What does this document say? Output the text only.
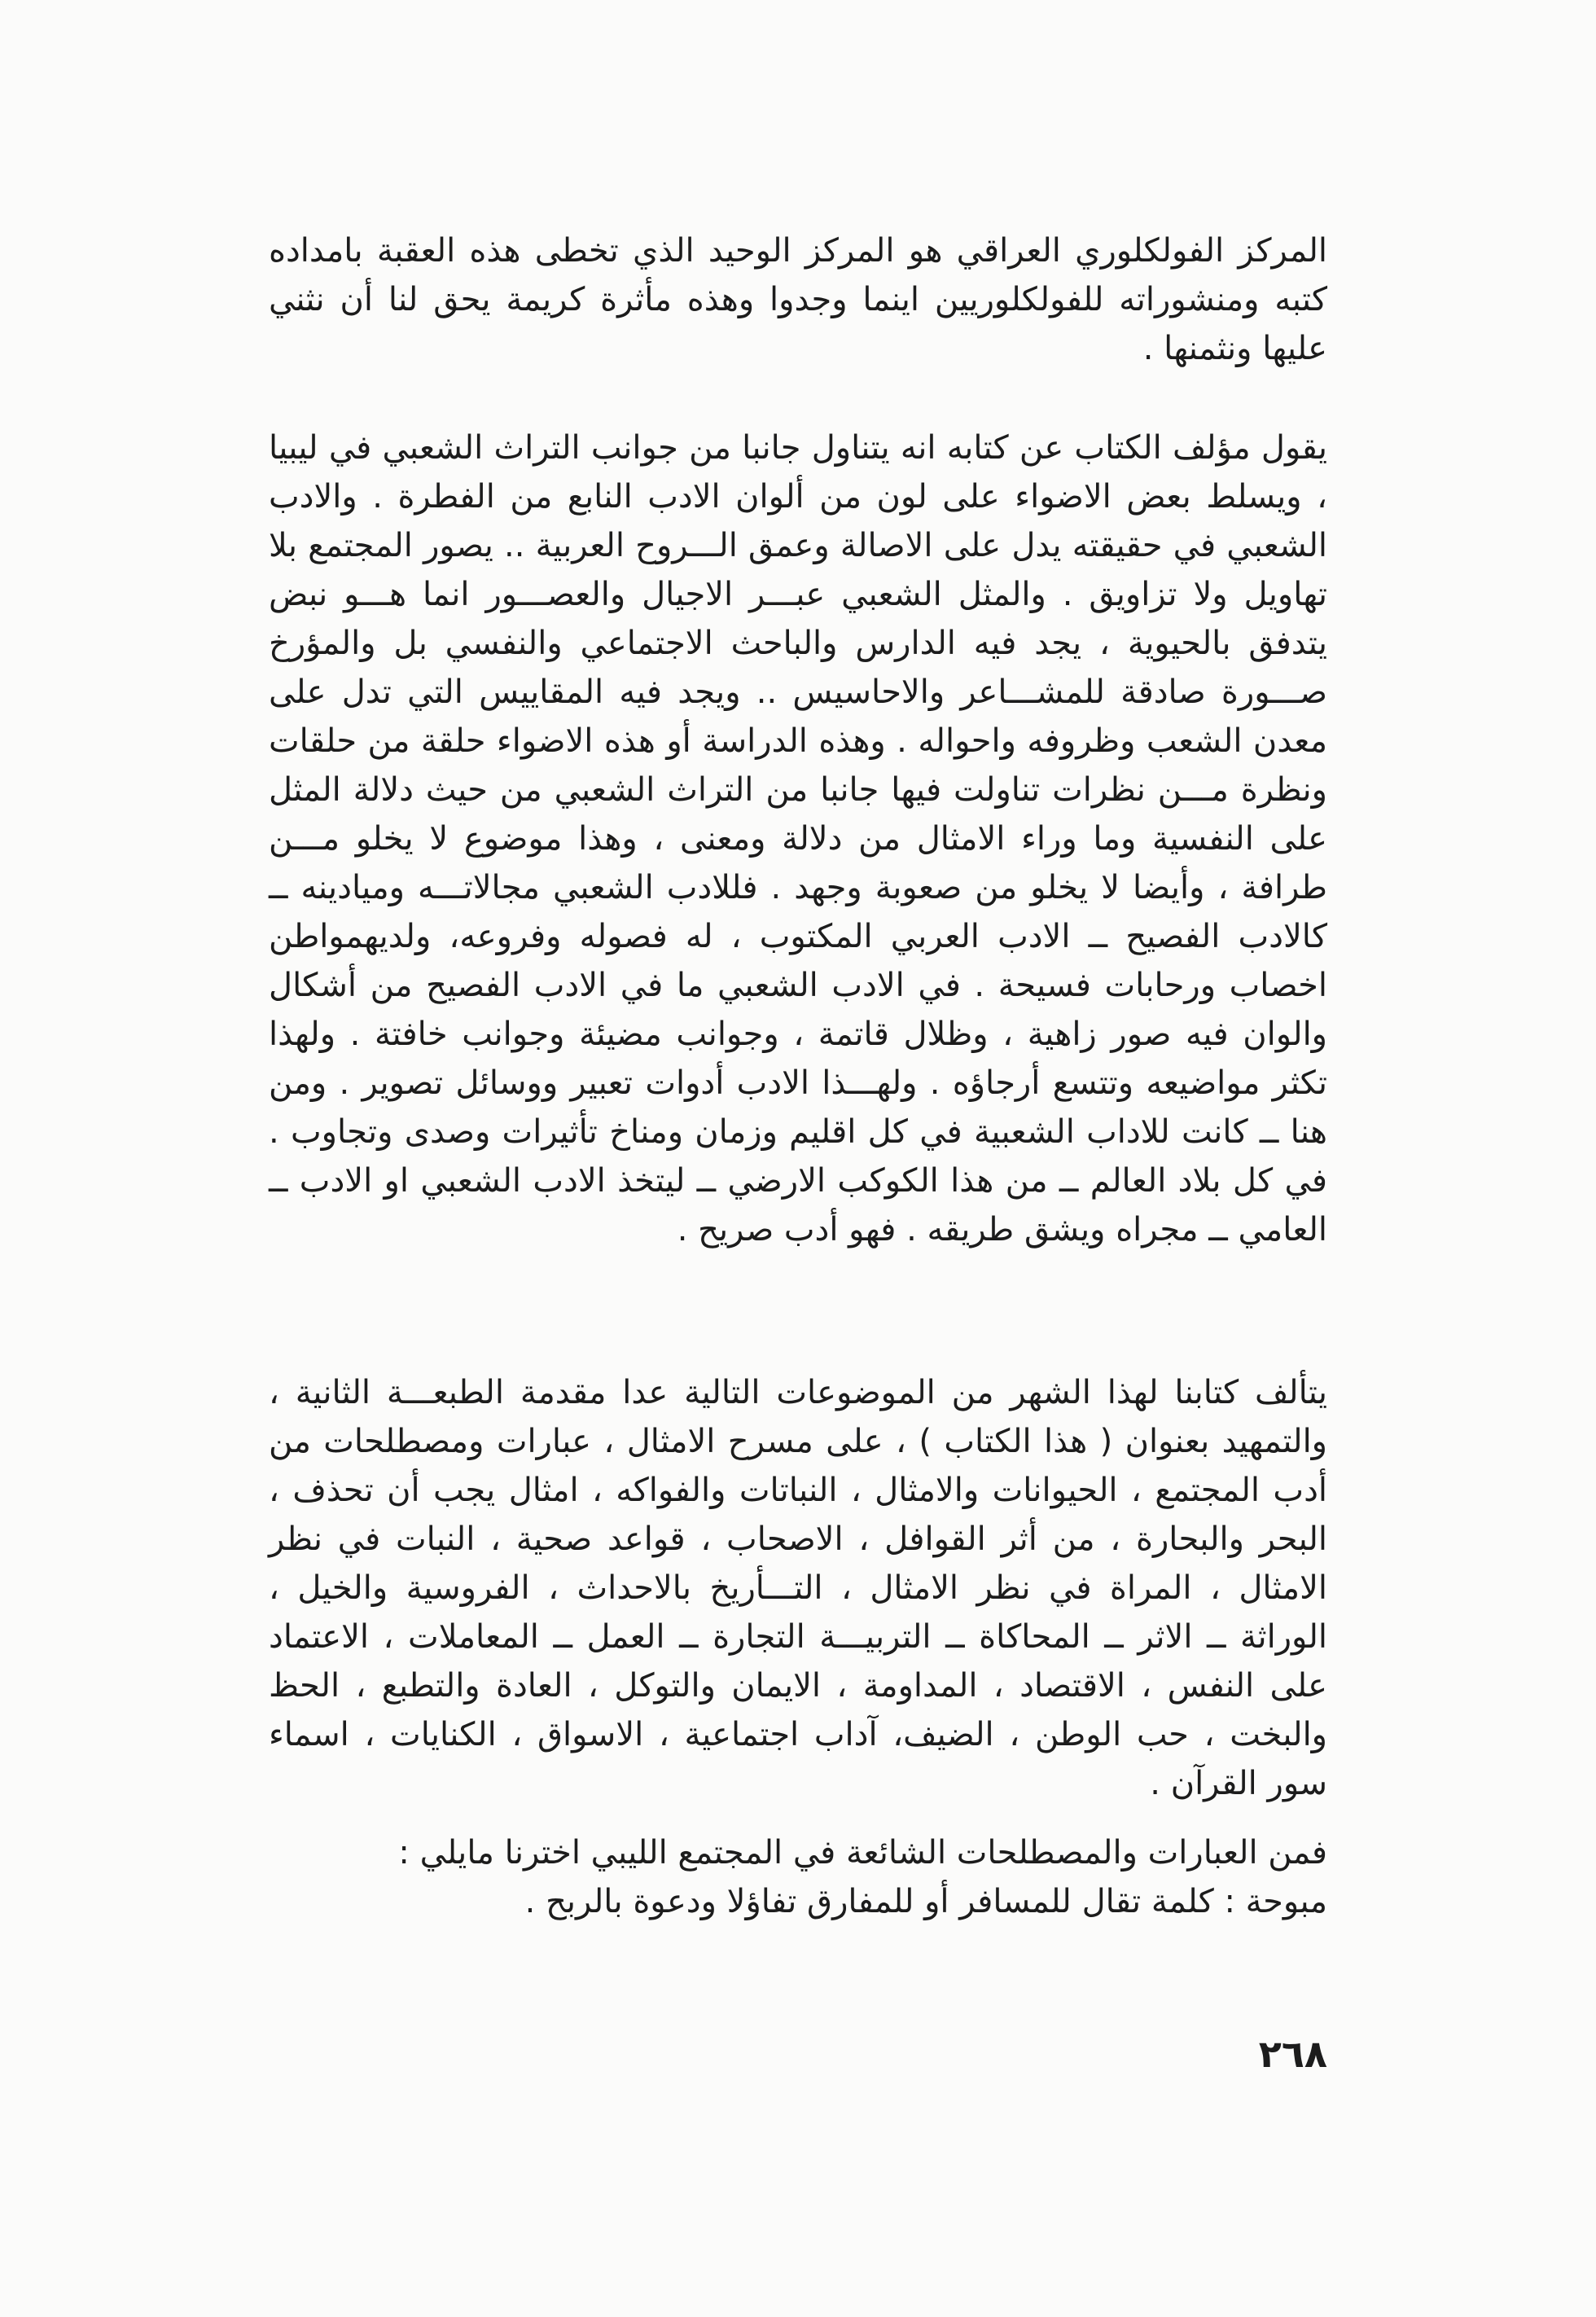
المركز الفولكلوري العراقي هو المركز الوحيد الذي تخطى هذه العقبة بامداده كتبه ومنشوراته للفولكلوريين اينما وجدوا وهذه مأثرة كريمة يحق لنا أن نثني عليها ونثمنها .

يقول مؤلف الكتاب عن كتابه انه يتناول جانبا من جوانب التراث الشعبي في ليبيا ، ويسلط بعض الاضواء على لون من ألوان الادب النابع من الفطرة . والادب الشعبي في حقيقته يدل على الاصالة وعمق الـــروح العربية .. يصور المجتمع بلا تهاويل ولا تزاويق . والمثل الشعبي عبـــر الاجيال والعصـــور انما هـــو نبض يتدفق بالحيوية ، يجد فيه الدارس والباحث الاجتماعي والنفسي بل والمؤرخ صـــورة صادقة للمشـــاعر والاحاسيس .. ويجد فيه المقاييس التي تدل على معدن الشعب وظروفه واحواله . وهذه الدراسة أو هذه الاضواء حلقة من حلقات ونظرة مـــن نظرات تناولت فيها جانبا من التراث الشعبي من حيث دلالة المثل على النفسية وما وراء الامثال من دلالة ومعنى ، وهذا موضوع لا يخلو مـــن طرافة ، وأيضا لا يخلو من صعوبة وجهد . فللادب الشعبي مجالاتـــه وميادينه ــ كالادب الفصيح ــ الادب العربي المكتوب ، له فصوله وفروعه، ولديهمواطن اخصاب ورحابات فسيحة . في الادب الشعبي ما في الادب الفصيح من أشكال والوان فيه صور زاهية ، وظلال قاتمة ، وجوانب مضيئة وجوانب خافتة . ولهذا تكثر مواضيعه وتتسع أرجاؤه . ولهـــذا الادب أدوات تعبير ووسائل تصوير . ومن هنا ــ كانت للاداب الشعبية في كل اقليم وزمان ومناخ تأثيرات وصدى وتجاوب . في كل بلاد العالم ــ من هذا الكوكب الارضي ــ ليتخذ الادب الشعبي او الادب ــ العامي ــ مجراه ويشق طريقه . فهو أدب صريح .

يتألف كتابنا لهذا الشهر من الموضوعات التالية عدا مقدمة الطبعـــة الثانية ، والتمهيد بعنوان ( هذا الكتاب ) ، على مسرح الامثال ، عبارات ومصطلحات من أدب المجتمع ، الحيوانات والامثال ، النباتات والفواكه ، امثال يجب أن تحذف ، البحر والبحارة ، من أثر القوافل ، الاصحاب ، قواعد صحية ، النبات في نظر الامثال ، المراة في نظر الامثال ، التـــأريخ بالاحداث ، الفروسية والخيل ، الوراثة ــ الاثر ــ المحاكاة ــ التربيـــة التجارة ــ العمل ــ المعاملات ، الاعتماد على النفس ، الاقتصاد ، المداومة ، الايمان والتوكل ، العادة والتطبع ، الحظ والبخت ، حب الوطن ، الضيف، آداب اجتماعية ، الاسواق ، الكنايات ، اسماء سور القرآن .

فمن العبارات والمصطلحات الشائعة في المجتمع الليبي اخترنا مايلي :

مبوحة : كلمة تقال للمسافر أو للمفارق تفاؤلا ودعوة بالربح .

٢٦٨
